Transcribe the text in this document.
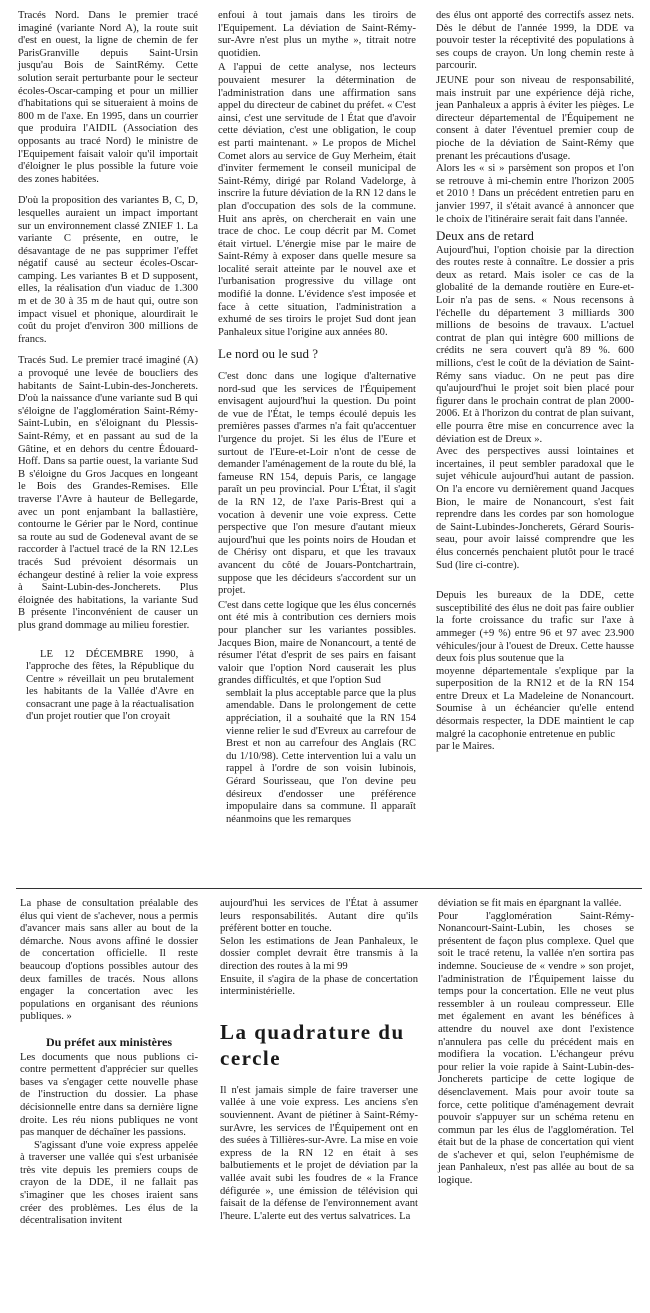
Tracés Nord. Dans le premier tracé imaginé (variante Nord A), la route suit d'est en ouest, la ligne de chemin de fer ParisGranville depuis Saint-Ursin jusqu'au Bois de SaintRémy. Cette solution serait perturbante pour le secteur écoles-Oscar-camping et pour un millier d'habitations qui se situeraient à moins de 800 m de l'axe. En 1995, dans un courrier que produira l'AIDIL (Association des opposants au tracé Nord) le ministre de l'Equipement faisait valoir qu'il importait d'éloigner le plus possible la future voie des zones habitées.

D'où la proposition des variantes B, C, D, lesquelles auraient un impact important sur un environnement classé ZNIEF 1. La variante C présente, en outre, le désavantage de ne pas supprimer l'effet négatif causé au secteur écoles-Oscar-camping. Les variantes B et D supposent, elles, la réalisation d'un viaduc de 1.300 m et de 30 à 35 m de haut qui, outre son impact visuel et phonique, alourdirait le coût du projet d'environ 300 millions de francs.

Tracés Sud. Le premier tracé imaginé (A) a provoqué une levée de boucliers des habitants de Saint-Lubin-des-Joncherets. D'où la naissance d'une variante sud B qui s'éloigne de l'agglomération Saint-Rémy-Saint-Lubin, en s'éloignant du Plessis-Saint-Rémy, et en passant au sud de la Gâtine, et en dehors du centre Édouard-Hoff. Dans sa partie ouest, la variante Sud B s'éloigne du Gros Jacques en longeant le Bois des Grandes-Remises. Elle traverse l'Avre à hauteur de Bellegarde, avec un pont enjambant la ballastière, contourne le Gérier par le Nord, continue sa route au sud de Godeneval avant de se raccorder à l'actuel tracé de la RN 12.Les tracés Sud prévoient désormais un échangeur destiné à relier la voie express à Saint-Lubin-des-Joncherets. Plus éloignée des habitations, la variante Sud B présente l'inconvénient de causer un plus grand dommage au milieu forestier.

LE 12 DÉCEMBRE 1990, à l'approche des fêtes, la République du Centre » réveillait un peu brutalement les habitants de la Vallée d'Avre en consacrant une page à la réactualisation d'un projet routier que l'on croyait

enfoui à tout jamais dans les tiroirs de l'Equipement. La déviation de Saint-Rémy-sur-Avre n'est plus un mythe », titrait notre quotidien.

A l'appui de cette analyse, nos lecteurs pouvaient mesurer la détermination de l'administration dans une affirmation sans appel du directeur de cabinet du préfet. « C'est ainsi, c'est une servitude de l État que d'avoir cette déviation, c'est une obligation, le coup est parti maintenant. » Le propos de Michel Comet alors au service de Guy Merheim, était d'inviter fermement le conseil municipal de Saint-Rémy, dirigé par Roland Vadelorge, à inscrire la future déviation de la RN 12 dans le plan d'occupation des sols de la commune. Huit ans après, on chercherait en vain une trace de choc. Le coup décrit par M. Comet était virtuel. L'énergie mise par le maire de Saint-Rémy à exposer dans quelle mesure sa localité serait atteinte par le nouvel axe et l'urbanisation progressive du village ont modifié la donne. L'évidence s'est imposée et face à cette situation, l'administration a exhumé de ses tiroirs le projet Sud dont jean Panhaleux situe l'origine aux années 80.

Le nord ou le sud ?

C'est donc dans une logique d'alternative nord-sud que les services de l'Équipement envisagent aujourd'hui la question. Du point de vue de l'État, le temps écoulé depuis les premières passes d'armes n'a fait qu'accentuer l'urgence du projet. Si les élus de l'Eure et surtout de l'Eure-et-Loir n'ont de cesse de demander l'aménagement de la route du blé, la fameuse RN 154, depuis Paris, ce langage paraît un peu provincial. Pour L'État, il s'agit de la RN 12, de l'axe Paris-Brest qui a vocation à devenir une voie express. Cette perspective que l'on mesure d'autant mieux aujourd'hui que les points noirs de Houdan et de Chérisy ont disparu, et que les travaux avancent du côté de Jouars-Pontchartrain, suppose que les décideurs s'accordent sur un projet.

C'est dans cette logique que les élus concernés ont été mis à contribution ces derniers mois pour plancher sur les variantes possibles. Jacques Bion, maire de Nonancourt, a tenté de résumer l'état d'esprit de ses pairs en faisant valoir que l'option Nord causerait les plus grandes difficultés, et que l'option Sud

semblait la plus acceptable parce que la plus amendable. Dans le prolongement de cette appréciation, il a souhaité que la RN 154 vienne relier le sud d'Evreux au carrefour de Brest et non au carrefour des Anglais (RC du 1/10/98). Cette intervention lui a valu un rappel à l'ordre de son voisin lubinois, Gérard Sourisseau, que l'on devine peu désireux d'endosser une préférence impopulaire dans sa commune. Il apparaît néanmoins que les remarques

des élus ont apporté des correctifs assez nets. Dès le début de l'année 1999, la DDE va pouvoir tester la réceptivité des populations à ses coups de crayon. Un long chemin reste à parcourir.

JEUNE pour son niveau de responsabilité, mais instruit par une expérience déjà riche, jean Panhaleux a appris à éviter les pièges. Le directeur départemental de l'Équipement ne consent à dater l'éventuel premier coup de pioche de la déviation de Saint-Rémy que prenant les précautions d'usage.
Alors les « si » parsèment son propos et l'on se retrouve à mi-chemin entre l'horizon 2005 et 2010 ! Dans un précédent entretien paru en janvier 1997, il s'était avancé à annoncer que le choix de l'itinéraire serait fait dans l'année.

Deux ans de retard

Aujourd'hui, l'option choisie par la direction des routes reste à connaître. Le dossier a pris deux as retard. Mais isoler ce cas de la globalité de la demande routière en Eure-et-Loir n'a pas de sens. « Nous recensons à l'échelle du département 3 milliards 300 millions de besoins de travaux. L'actuel contrat de plan qui intègre 600 millions de crédits ne sera couvert qu'à 89 %. 600 millions, c'est le coût de la déviation de Saint-Rémy sans viaduc. On ne peut pas dire qu'aujourd'hui le projet soit bien placé pour figurer dans le prochain contrat de plan 2000-2006. Et à l'horizon du contrat de plan suivant, elle pourra être mise en concurrence avec la déviation est de Dreux ».
Avec des perspectives aussi lointaines et incertaines, il peut sembler paradoxal que le sujet véhicule aujourd'hui autant de passion. On l'a encore vu dernièrement quand Jacques Bion, le maire de Nonancourt, s'est fait reprendre dans les cordes par son homologue de Saint-Lubindes-Joncherets, Gérard Souris-seau, pour avoir laissé comprendre que les élus concernés penchaient plutôt pour le tracé Sud (lire ci-contre).

Depuis les bureaux de la DDE, cette susceptibilité des élus ne doit pas faire oublier la forte croissance du trafic sur l'axe à ammeger (+9 %) entre 96 et 97 avec 23.900 véhicules/jour à l'ouest de Dreux. Cette hausse deux fois plus soutenue que la
moyenne départementale s'explique par la superposition de la RN12 et de la RN 154 entre Dreux et La Madeleine de Nonancourt. Soumise à un échéancier qu'elle entend désormais respecter, la DDE maintient le cap malgré la cacophonie entretenue en public
par le Maires.

La phase de consultation préalable des élus qui vient de s'achever, nous a permis d'avancer mais sans aller au bout de la démarche. Nous avons affiné le dossier de concertation officielle. Il reste beaucoup d'options possibles autour des deux familles de tracés. Nous allons engager la concertation avec les populations en organisant des réunions publiques. »

Du préfet aux ministères

Les documents que nous publions ci-contre permettent d'apprécier sur quelles bases va s'engager cette nouvelle phase de l'instruction du dossier. La phase décisionnelle entre dans sa dernière ligne droite. Les réu nions publiques ne vont pas manquer de déchaîner les passions.

S'agissant d'une voie express appelée à traverser une vallée qui s'est urbanisée très vite depuis les premiers coups de crayon de la DDE, il ne fallait pas s'imaginer que les choses iraient sans créer des problèmes. Les élus de la décentralisation invitent

aujourd'hui les services de l'État à assumer leurs responsabilités. Autant dire qu'ils préfèrent botter en touche.
Selon les estimations de Jean Panhaleux, le dossier complet devrait être transmis à la direction des routes à la mi 99
Ensuite, il s'agira de la phase de concertation interministérielle.

La quadrature du cercle

Il n'est jamais simple de faire traverser une vallée à une voie express. Les anciens s'en souviennent. Avant de piétiner à Saint-Rémy-surAvre, les services de l'Équipement ont en des suées à Tillières-sur-Avre. La mise en voie express de la RN 12 en était à ses balbutiements et le projet de déviation par la vallée avait subi les foudres de « la France défigurée », une émission de télévision qui faisait de la défense de l'environnement avant l'heure. L'alerte eut des vertus salvatrices. La

déviation se fit mais en épargnant la vallée.
Pour l'agglomération Saint-Rémy-Nonancourt-Saint-Lubin, les choses se présentent de façon plus complexe. Quel que soit le tracé retenu, la vallée n'en sortira pas indemne. Soucieuse de « vendre » son projet, l'administration de l'Équipement laisse du temps pour la concertation. Elle ne veut plus ressembler à un rouleau compresseur. Elle met également en avant les bénéfices à attendre du nouvel axe dont l'existence n'annulera pas celle du précédent mais en modifiera la vocation. L'échangeur prévu pour relier la voie rapide à Saint-Lubin-des-Joncherets participe de cette logique de désenclavement. Mais pour avoir toute sa force, cette politique d'aménagement devrait pouvoir s'appuyer sur un schéma retenu en commun par les élus de l'agglomération. Tel était but de la phase de concertation qui vient de s'achever et qui, selon l'euphémisme de jean Panhaleux, n'est pas allée au bout de sa logique.
